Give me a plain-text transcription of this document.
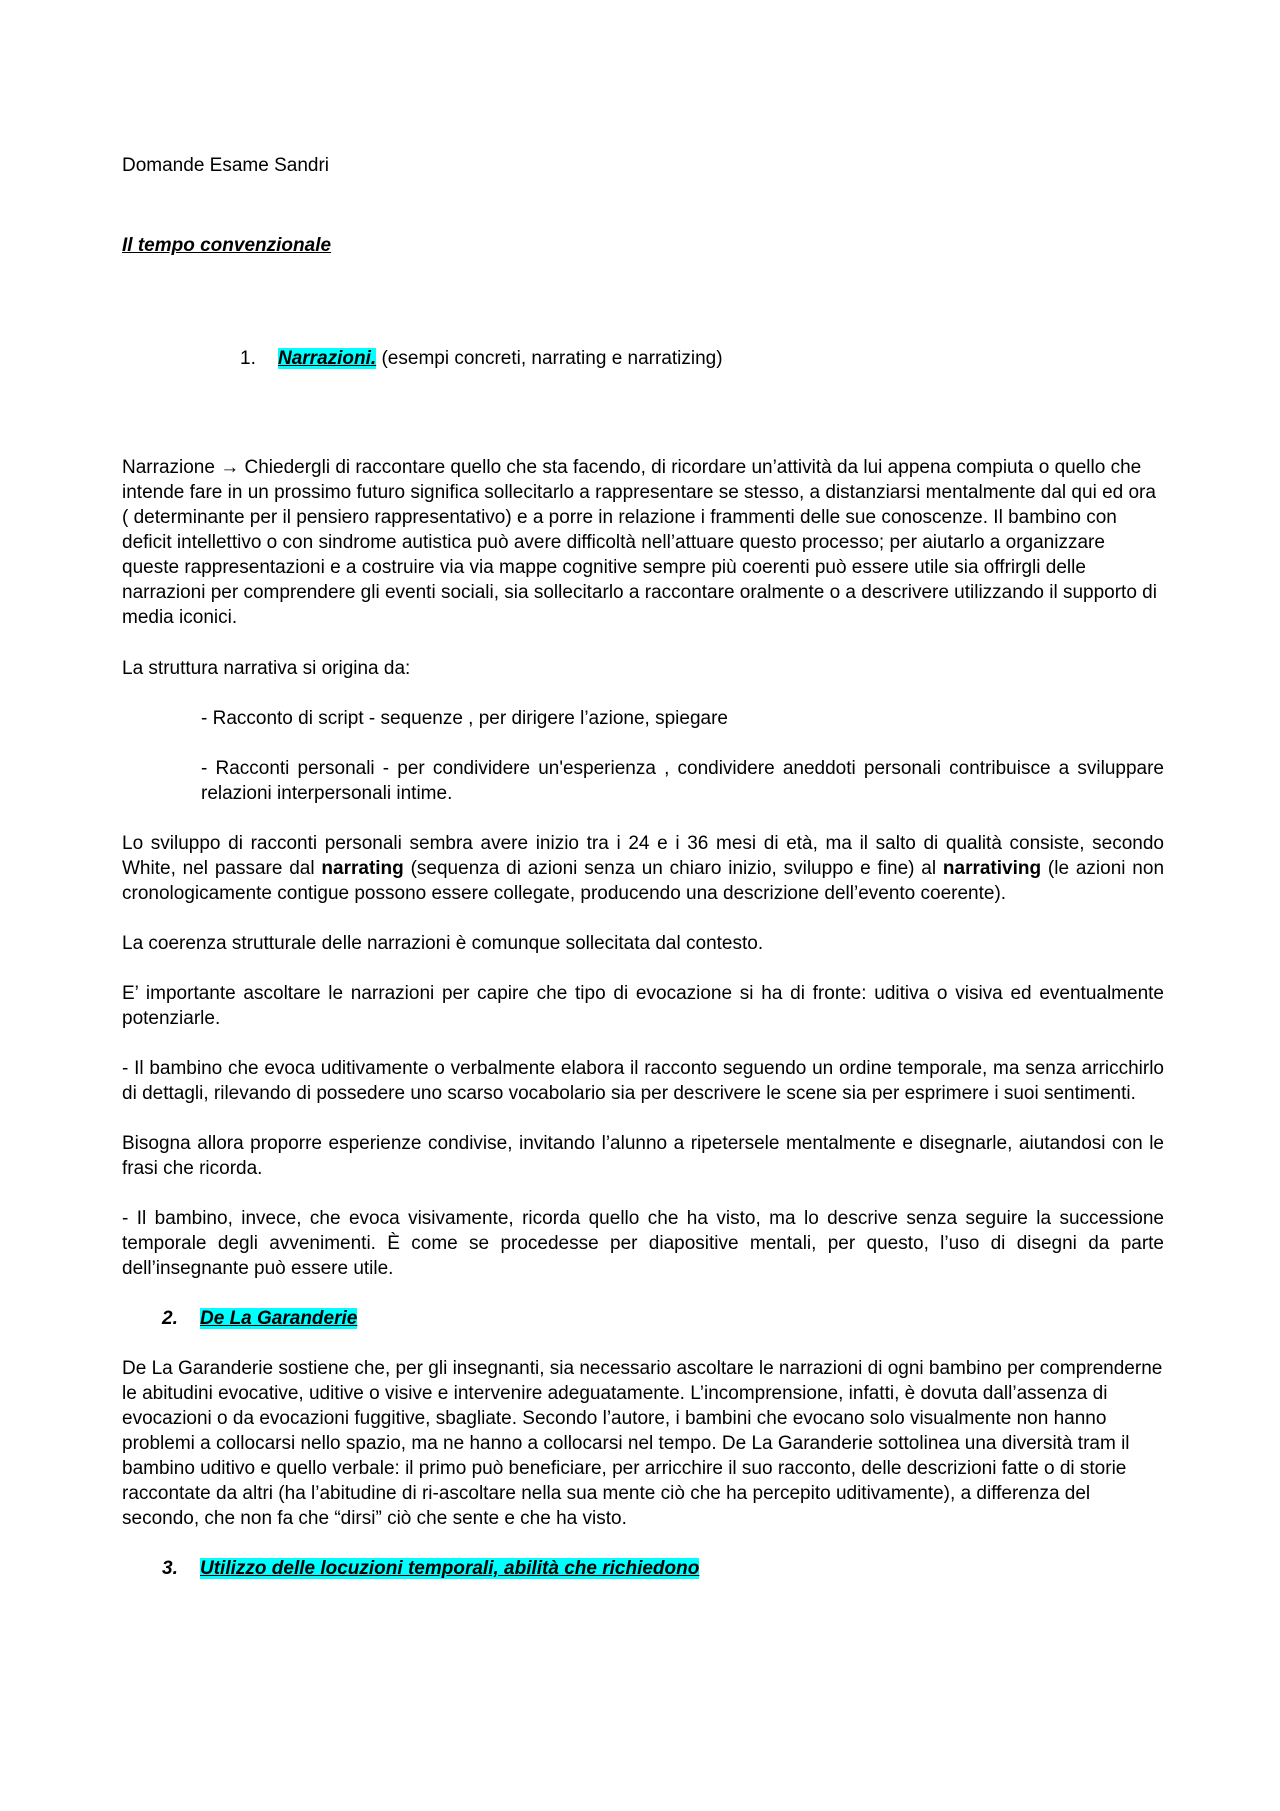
Domande Esame Sandri
Il tempo convenzionale
1. Narrazioni. (esempi concreti, narrating e narratizing)

Narrazione → Chiedergli di raccontare quello che sta facendo, di ricordare un’attività da lui appena compiuta o quello che intende fare in un prossimo futuro significa sollecitarlo a rappresentare se stesso, a distanziarsi mentalmente dal qui ed ora ( determinante per il pensiero rappresentativo) e a porre in relazione i frammenti delle sue conoscenze. Il bambino con deficit intellettivo o con sindrome autistica può avere difficoltà nell’attuare questo processo; per aiutarlo a organizzare queste rappresentazioni e a costruire via via mappe cognitive sempre più coerenti può essere utile sia offrirgli delle narrazioni per comprendere gli eventi sociali, sia sollecitarlo a raccontare oralmente o a descrivere utilizzando il supporto di media iconici.

La struttura narrativa si origina da:

- Racconto di script - sequenze , per dirigere l’azione, spiegare

- Racconti personali - per condividere un'esperienza , condividere aneddoti personali contribuisce a sviluppare relazioni interpersonali intime.

Lo sviluppo di racconti personali sembra avere inizio tra i 24 e i 36 mesi di età, ma il salto di qualità consiste, secondo White, nel passare dal narrating (sequenza di azioni senza un chiaro inizio, sviluppo e fine) al narrativing (le azioni non cronologicamente contigue possono essere collegate, producendo una descrizione dell’evento coerente).

La coerenza strutturale delle narrazioni è comunque sollecitata dal contesto.

E’ importante ascoltare le narrazioni per capire che tipo di evocazione si ha di fronte: uditiva o visiva ed eventualmente potenziarle.

- Il bambino che evoca uditivamente o verbalmente elabora il racconto seguendo un ordine temporale, ma senza arricchirlo di dettagli, rilevando di possedere uno scarso vocabolario sia per descrivere le scene sia per esprimere i suoi sentimenti.

Bisogna allora proporre esperienze condivise, invitando l’alunno a ripetersele mentalmente e disegnarle, aiutandosi con le frasi che ricorda.

- Il bambino, invece, che evoca visivamente, ricorda quello che ha visto, ma lo descrive senza seguire la successione temporale degli avvenimenti. È come se procedesse per diapositive mentali, per questo, l’uso di disegni da parte dell’insegnante può essere utile.

2. De La Garanderie

De La Garanderie sostiene che, per gli insegnanti, sia necessario ascoltare le narrazioni di ogni bambino per comprenderne le abitudini evocative, uditive o visive e intervenire adeguatamente. L’incomprensione, infatti, è dovuta dall’assenza di evocazioni o da evocazioni fuggitive, sbagliate. Secondo l’autore, i bambini che evocano solo visualmente non hanno problemi a collocarsi nello spazio, ma ne hanno a collocarsi nel tempo. De La Garanderie sottolinea una diversità tram il bambino uditivo e quello verbale: il primo può beneficiare, per arricchire il suo racconto, delle descrizioni fatte o di storie raccontate da altri (ha l’abitudine di ri-ascoltare nella sua mente ciò che ha percepito uditivamente), a differenza del secondo, che non fa che “dirsi” ciò che sente e che ha visto.

3. Utilizzo delle locuzioni temporali, abilità che richiedono
